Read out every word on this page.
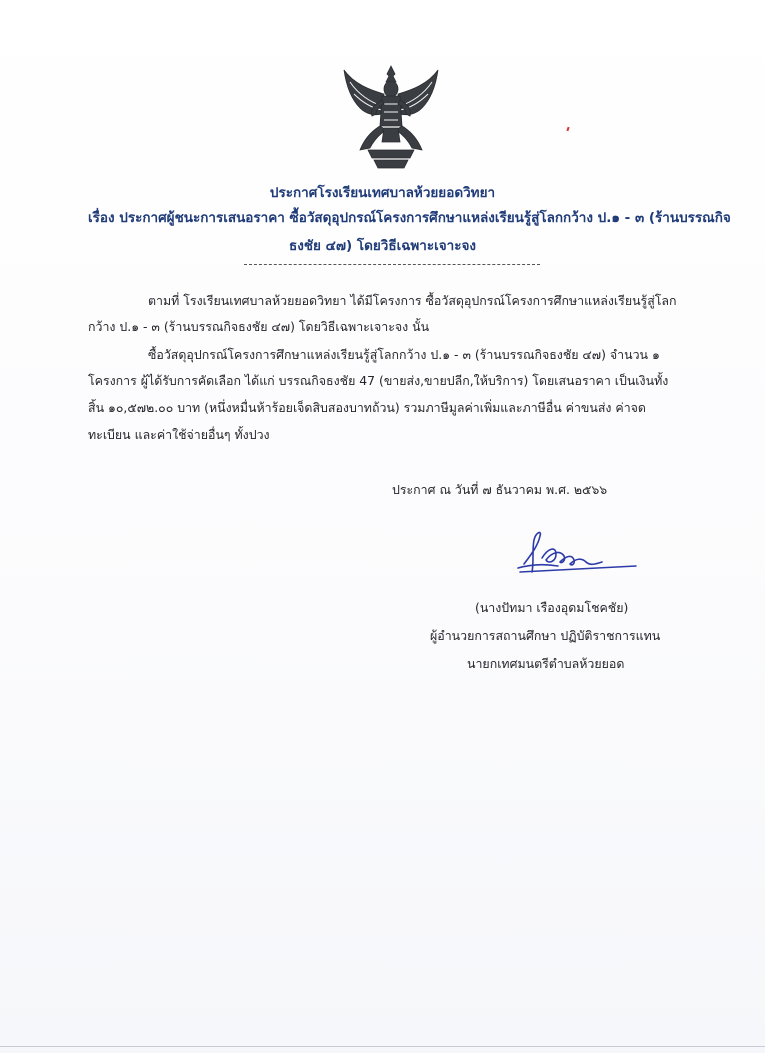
ประกาศโรงเรียนเทศบาลห้วยยอดวิทยา
เรื่อง ประกาศผู้ชนะการเสนอราคา ซื้อวัสดุอุปกรณ์โครงการศึกษาแหล่งเรียนรู้สู่โลกกว้าง ป.๑ - ๓ (ร้านบรรณกิจ
ธงชัย ๔๗) โดยวิธีเฉพาะเจาะจง
ตามที่ โรงเรียนเทศบาลห้วยยอดวิทยา ได้มีโครงการ ซื้อวัสดุอุปกรณ์โครงการศึกษาแหล่งเรียนรู้สู่โลก
กว้าง ป.๑ - ๓ (ร้านบรรณกิจธงชัย ๔๗) โดยวิธีเฉพาะเจาะจง นั้น
ซื้อวัสดุอุปกรณ์โครงการศึกษาแหล่งเรียนรู้สู่โลกกว้าง ป.๑ - ๓ (ร้านบรรณกิจธงชัย ๔๗) จำนวน ๑
โครงการ ผู้ได้รับการคัดเลือก ได้แก่ บรรณกิจธงชัย 47 (ขายส่ง,ขายปลีก,ให้บริการ) โดยเสนอราคา เป็นเงินทั้ง
สิ้น ๑๐,๕๗๒.๐๐ บาท (หนึ่งหมื่นห้าร้อยเจ็ดสิบสองบาทถ้วน) รวมภาษีมูลค่าเพิ่มและภาษีอื่น ค่าขนส่ง ค่าจด
ทะเบียน และค่าใช้จ่ายอื่นๆ ทั้งปวง
ประกาศ ณ วันที่ ๗ ธันวาคม พ.ศ. ๒๕๖๖
(นางปัทมา เรืองอุดมโชคชัย)
ผู้อำนวยการสถานศึกษา ปฏิบัติราชการแทน
นายกเทศมนตรีตำบลห้วยยอด
